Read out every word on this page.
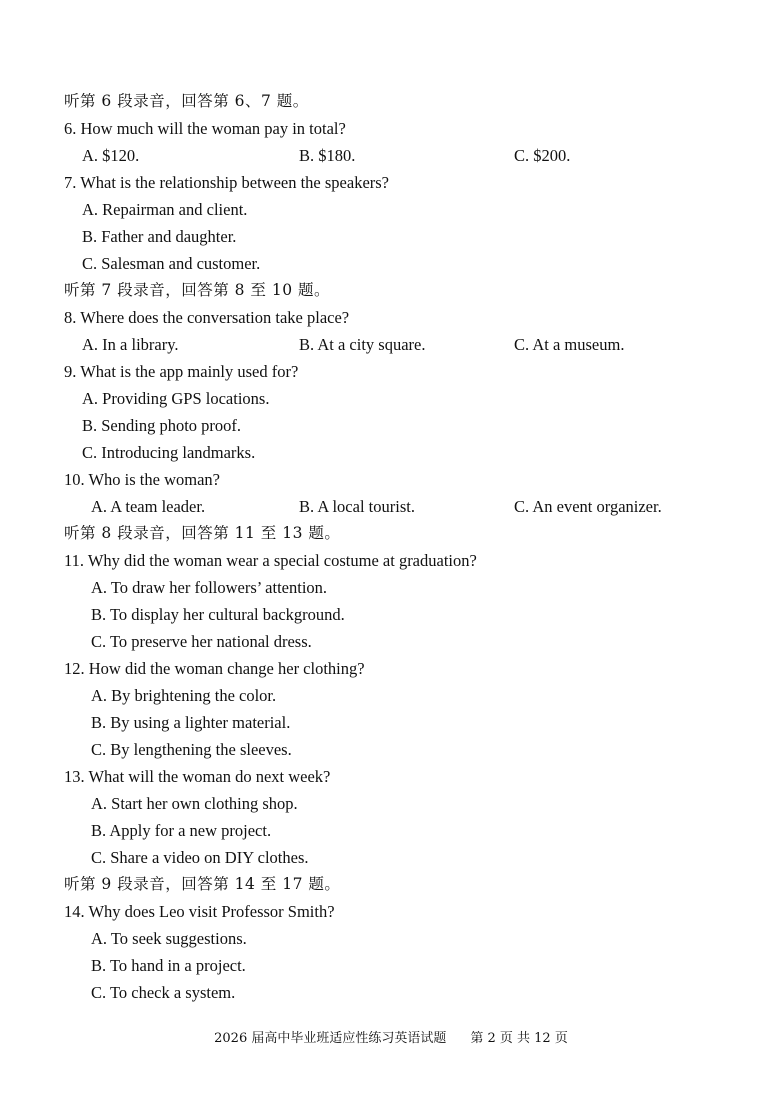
听第 6 段录音，回答第 6、7 题。
6. How much will the woman pay in total?
A. $120.	B. $180.	C. $200.
7. What is the relationship between the speakers?
A. Repairman and client.
B. Father and daughter.
C. Salesman and customer.
听第 7 段录音，回答第 8 至 10 题。
8. Where does the conversation take place?
A. In a library.	B. At a city square.	C. At a museum.
9. What is the app mainly used for?
A. Providing GPS locations.
B. Sending photo proof.
C. Introducing landmarks.
10. Who is the woman?
A. A team leader.	B. A local tourist.	C. An event organizer.
听第 8 段录音，回答第 11 至 13 题。
11. Why did the woman wear a special costume at graduation?
A. To draw her followers’ attention.
B. To display her cultural background.
C. To preserve her national dress.
12. How did the woman change her clothing?
A. By brightening the color.
B. By using a lighter material.
C. By lengthening the sleeves.
13. What will the woman do next week?
A. Start her own clothing shop.
B. Apply for a new project.
C. Share a video on DIY clothes.
听第 9 段录音，回答第 14 至 17 题。
14. Why does Leo visit Professor Smith?
A. To seek suggestions.
B. To hand in a project.
C. To check a system.
2026 届高中毕业班适应性练习英语试题 第 2 页 共 12 页
